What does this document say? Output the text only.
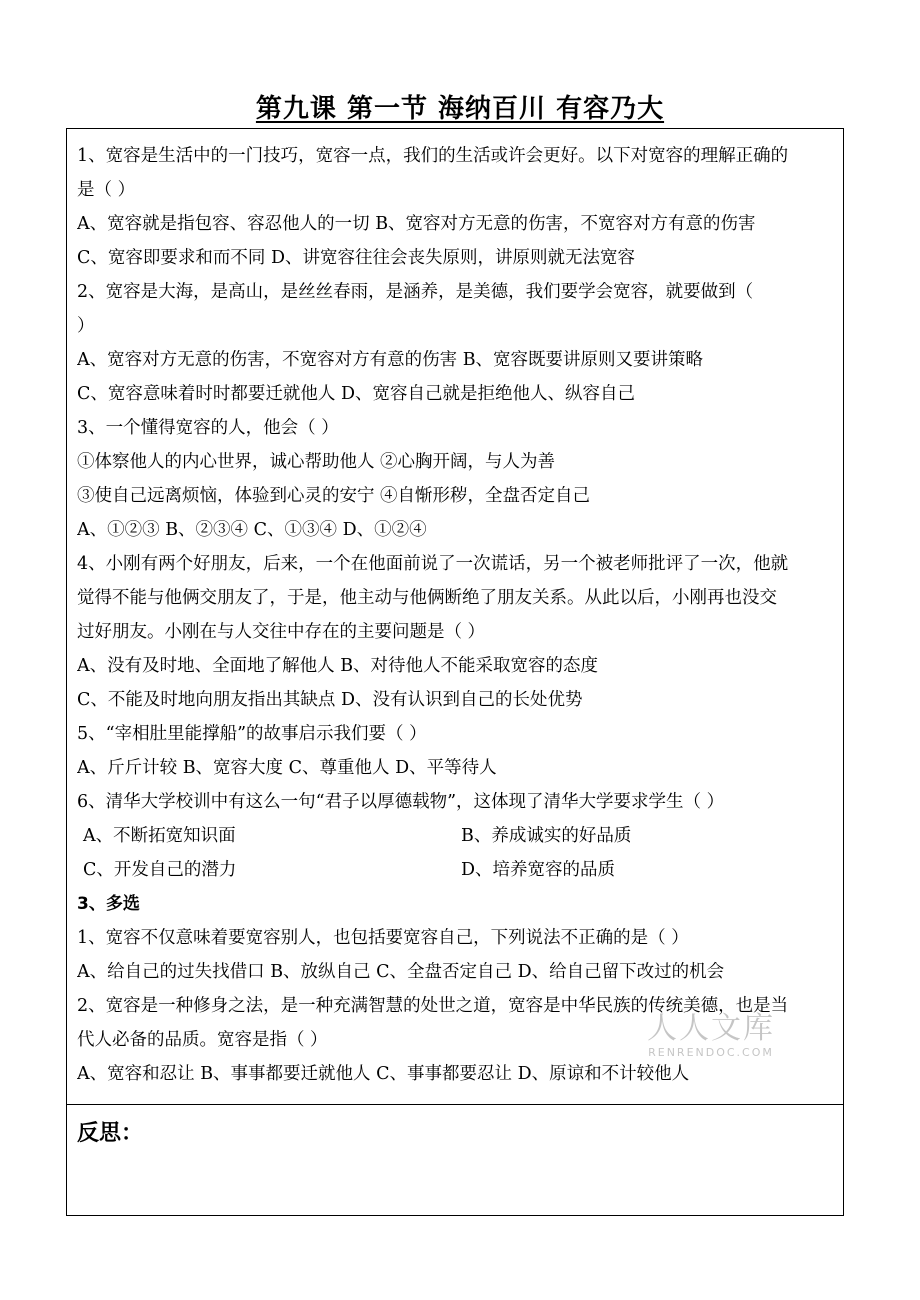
第九课 第一节 海纳百川 有容乃大
1、宽容是生活中的一门技巧，宽容一点，我们的生活或许会更好。以下对宽容的理解正确的
是（ ）
A、宽容就是指包容、容忍他人的一切 B、宽容对方无意的伤害，不宽容对方有意的伤害
C、宽容即要求和而不同 D、讲宽容往往会丧失原则，讲原则就无法宽容
2、宽容是大海，是高山，是丝丝春雨，是涵养，是美德，我们要学会宽容，就要做到（
）
A、宽容对方无意的伤害，不宽容对方有意的伤害 B、宽容既要讲原则又要讲策略
C、宽容意味着时时都要迁就他人 D、宽容自己就是拒绝他人、纵容自己
3、一个懂得宽容的人，他会（ ）
①体察他人的内心世界，诚心帮助他人 ②心胸开阔，与人为善
③使自己远离烦恼，体验到心灵的安宁 ④自惭形秽，全盘否定自己
A、①②③ B、②③④ C、①③④ D、①②④
4、小刚有两个好朋友，后来，一个在他面前说了一次谎话，另一个被老师批评了一次，他就
觉得不能与他俩交朋友了，于是，他主动与他俩断绝了朋友关系。从此以后，小刚再也没交
过好朋友。小刚在与人交往中存在的主要问题是（ ）
A、没有及时地、全面地了解他人 B、对待他人不能采取宽容的态度
C、不能及时地向朋友指出其缺点 D、没有认识到自己的长处优势
5、“宰相肚里能撑船”的故事启示我们要（ ）
A、斤斤计较 B、宽容大度 C、尊重他人 D、平等待人
6、清华大学校训中有这么一句“君子以厚德载物”，这体现了清华大学要求学生（ ）
A、不断拓宽知识面	B、养成诚实的好品质
C、开发自己的潜力	D、培养宽容的品质
3、多选
1、宽容不仅意味着要宽容别人，也包括要宽容自己，下列说法不正确的是（ ）
A、给自己的过失找借口 B、放纵自己 C、全盘否定自己 D、给自己留下改过的机会
2、宽容是一种修身之法，是一种充满智慧的处世之道，宽容是中华民族的传统美德，也是当
代人必备的品质。宽容是指（ ）
A、宽容和忍让 B、事事都要迁就他人 C、事事都要忍让 D、原谅和不计较他人
反思：
人人文库
RENRENDOC.COM
